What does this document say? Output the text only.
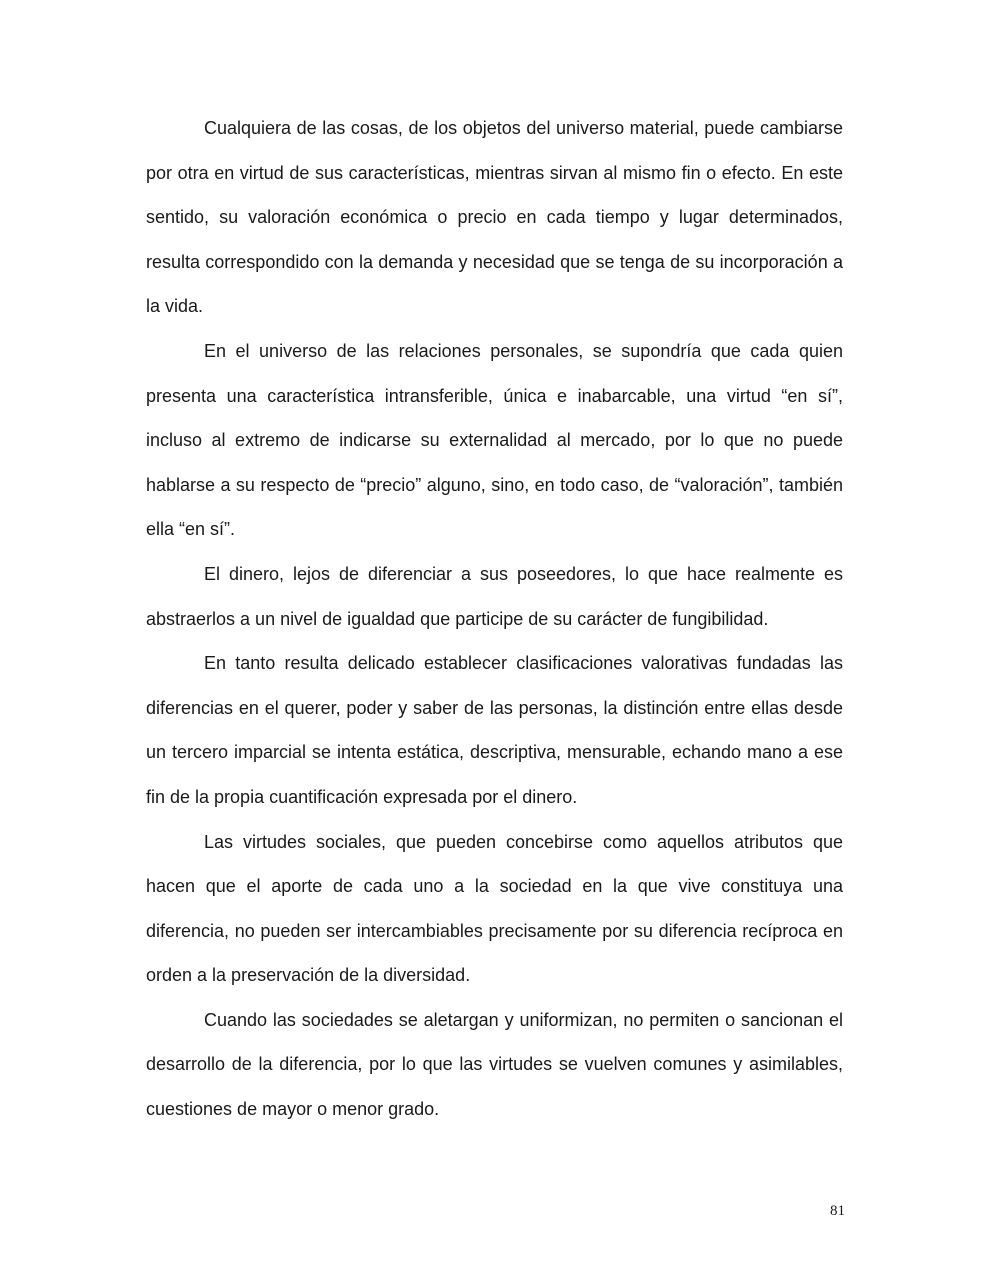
Cualquiera de las cosas, de los objetos del universo material, puede cambiarse por otra en virtud de sus características, mientras sirvan al mismo fin o efecto. En este sentido, su valoración económica o precio en cada tiempo y lugar determinados, resulta correspondido con la demanda y necesidad que se tenga de su incorporación a la vida.

En el universo de las relaciones personales, se supondría que cada quien presenta una característica intransferible, única e inabarcable, una virtud “en sí”, incluso al extremo de indicarse su externalidad al mercado, por lo que no puede hablarse a su respecto de “precio” alguno, sino, en todo caso, de “valoración”, también ella “en sí”.

El dinero, lejos de diferenciar a sus poseedores, lo que hace realmente es abstraerlos a un nivel de igualdad que participe de su carácter de fungibilidad.

En tanto resulta delicado establecer clasificaciones valorativas fundadas las diferencias en el querer, poder y saber de las personas, la distinción entre ellas desde un tercero imparcial se intenta estática, descriptiva, mensurable, echando mano a ese fin de la propia cuantificación expresada por el dinero.

Las virtudes sociales, que pueden concebirse como aquellos atributos que hacen que el aporte de cada uno a la sociedad en la que vive constituya una diferencia, no pueden ser intercambiables precisamente por su diferencia recíproca en orden a la preservación de la diversidad.

Cuando las sociedades se aletargan y uniformizan, no permiten o sancionan el desarrollo de la diferencia, por lo que las virtudes se vuelven comunes y asimilables, cuestiones de mayor o menor grado.

81
